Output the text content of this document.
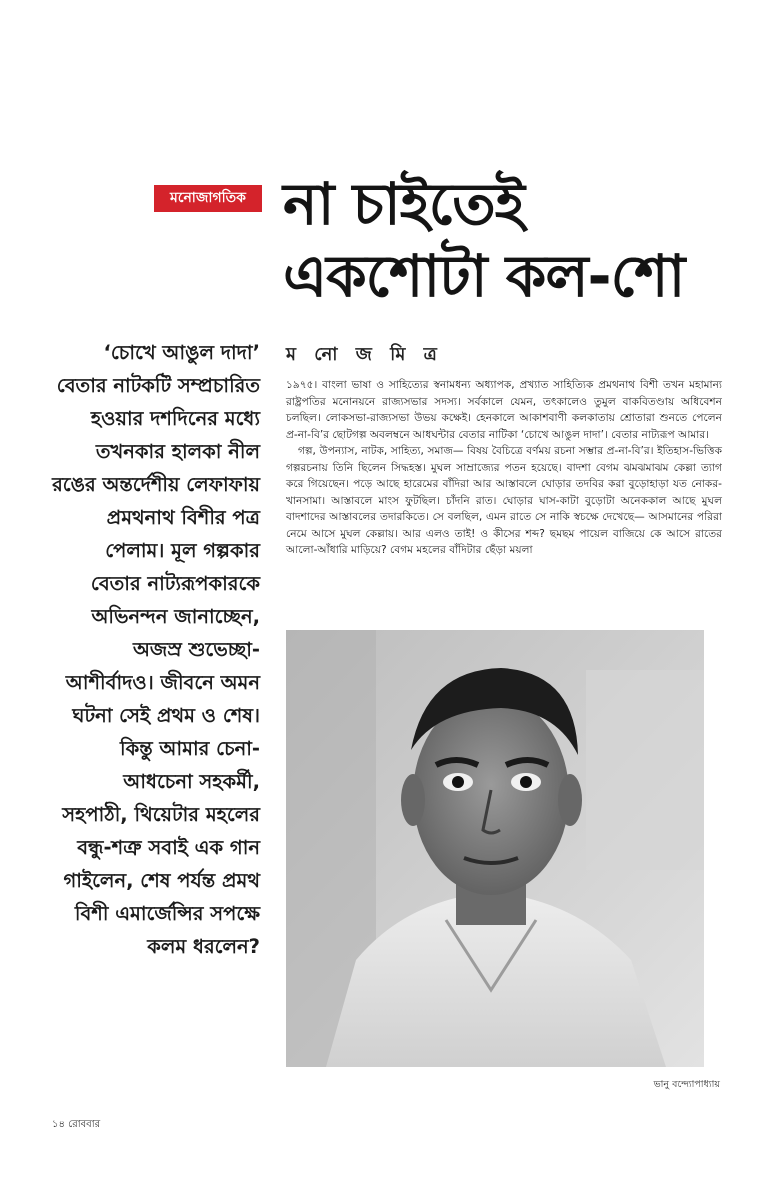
মনোজাগতিক না চাইতেই
একশোটা কল-শো
‘চোখে আঙুল দাদা’ বেতার নাটকটি সম্প্রচারিত হওয়ার দশদিনের মধ্যে তখনকার হালকা নীল রঙের অন্তর্দেশীয় লেফাফায় প্রমথনাথ বিশীর পত্র পেলাম। মূল গল্পকার বেতার নাট্যরূপকারকে অভিনন্দন জানাচ্ছেন, অজস্র শুভেচ্ছা-আশীর্বাদও। জীবনে অমন ঘটনা সেই প্রথম ও শেষ। কিন্তু আমার চেনা-আধচেনা সহকর্মী, সহপাঠী, থিয়েটার মহলের বন্ধু-শত্রু সবাই এক গান গাইলেন, শেষ পর্যন্ত প্রমথ বিশী এমার্জেন্সির সপক্ষে কলম ধরলেন?
ম নো জ মি ত্র

১৯৭৫। বাংলা ভাষা ও সাহিত্যের স্বনামধন্য অধ্যাপক, প্রখ্যাত সাহিত্যিক প্রমথনাথ বিশী তখন মহামান্য রাষ্ট্রপতির মনোনয়নে রাজ্যসভার সদস্য। সর্বকালে যেমন, তৎকালেও তুমুল বাকবিতণ্ডায় অধিবেশন চলছিল। লোকসভা-রাজ্যসভা উভয় কক্ষেই। হেনকালে আকাশবাণী কলকাতায় শ্রোতারা শুনতে পেলেন প্র-না-বি’র ছোটগল্প অবলম্বনে আধঘন্টার বেতার নাটিকা ‘চোখে আঙুল দাদা’। বেতার নাট্যরূপ আমার।

গল্প, উপন্যাস, নাটক, সাহিত্য, সমাজ— বিষয় বৈচিত্রে বর্ণময় রচনা সম্ভার প্র-না-বি’র। ইতিহাস-ভিত্তিক গল্পরচনায় তিনি ছিলেন সিদ্ধহস্ত। মুঘল সাম্রাজ্যের পতন হয়েছে। বাদশা বেগম ঝমঝমাঝম কেল্লা ত্যাগ করে গিয়েছেন। পড়ে আছে হারেমের বাঁদিরা আর আস্তাবলে ঘোড়ার তদবির করা বুড়োহাড়া যত নোকর-খানসামা। আস্তাবলে মাংস ফুটছিল। চাঁদনি রাত। ঘোড়ার ঘাস-কাটা বুড়োটা অনেককাল আছে মুঘল বাদশাদের আস্তাবলের তদারকিতে। সে বলছিল, এমন রাতে সে নাকি স্বচক্ষে দেখেছে— আসমানের পরিরা নেমে আসে মুঘল কেল্লায়। আর এলও তাই! ও কীসের শব্দ? ছমছম পায়েল বাজিয়ে কে আসে রাতের আলো-আঁধারি মাড়িয়ে? বেগম মহলের বাঁদিটার ছেঁড়া ময়লা

ভানু বন্দ্যোপাধ্যায়
১৪ রোববার
